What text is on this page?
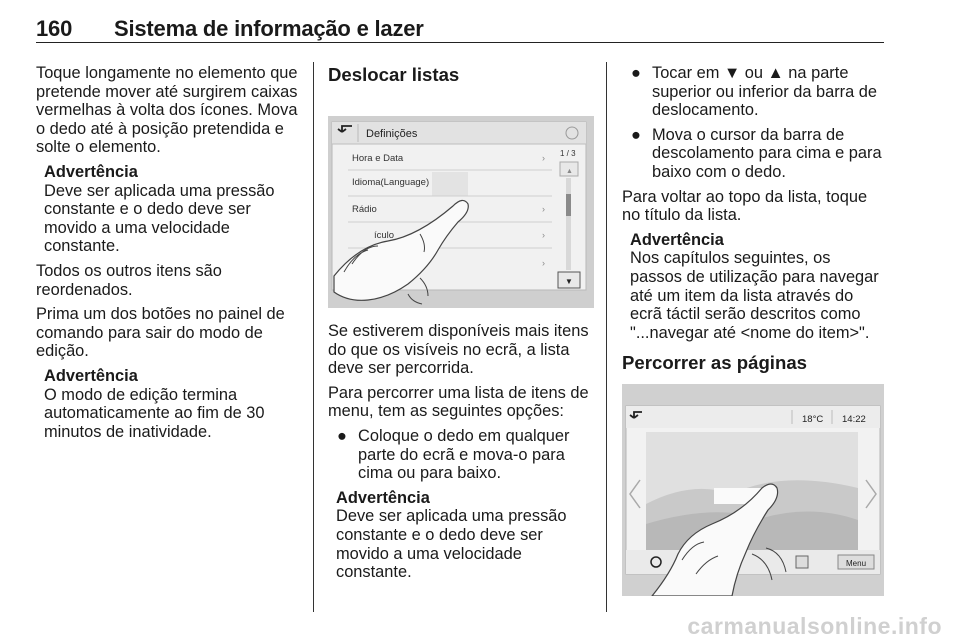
160 Sistema de informação e lazer

Toque longamente no elemento que pretende mover até surgirem caixas vermelhas à volta dos ícones. Mova o dedo até à posição pretendida e solte o elemento.

Advertência
Deve ser aplicada uma pressão constante e o dedo deve ser movido a uma velocidade constante.

Todos os outros itens são reordenados.

Prima um dos botões no painel de comando para sair do modo de edição.

Advertência
O modo de edição termina automaticamente ao fim de 30 minutos de inatividade.
Deslocar listas
Definições
Hora e Data
Idioma(Language)
Rádio
ículo
›
›
›
›
1 / 3
▲
▼

Se estiverem disponíveis mais itens do que os visíveis no ecrã, a lista deve ser percorrida.

Para percorrer uma lista de itens de menu, tem as seguintes opções:

● Coloque o dedo em qualquer parte do ecrã e mova-o para cima ou para baixo.
Advertência
Deve ser aplicada uma pressão constante e o dedo deve ser movido a uma velocidade constante.
● Tocar em ▼ ou ▲ na parte superior ou inferior da barra de deslocamento.
● Mova o cursor da barra de descolamento para cima e para baixo com o dedo.

Para voltar ao topo da lista, toque no título da lista.

Advertência
Nos capítulos seguintes, os passos de utilização para navegar até um item da lista através do ecrã táctil serão descritos como "...navegar até <nome do item>".
Percorrer as páginas
18°C 14:22
Menu
carmanualsonline.info
